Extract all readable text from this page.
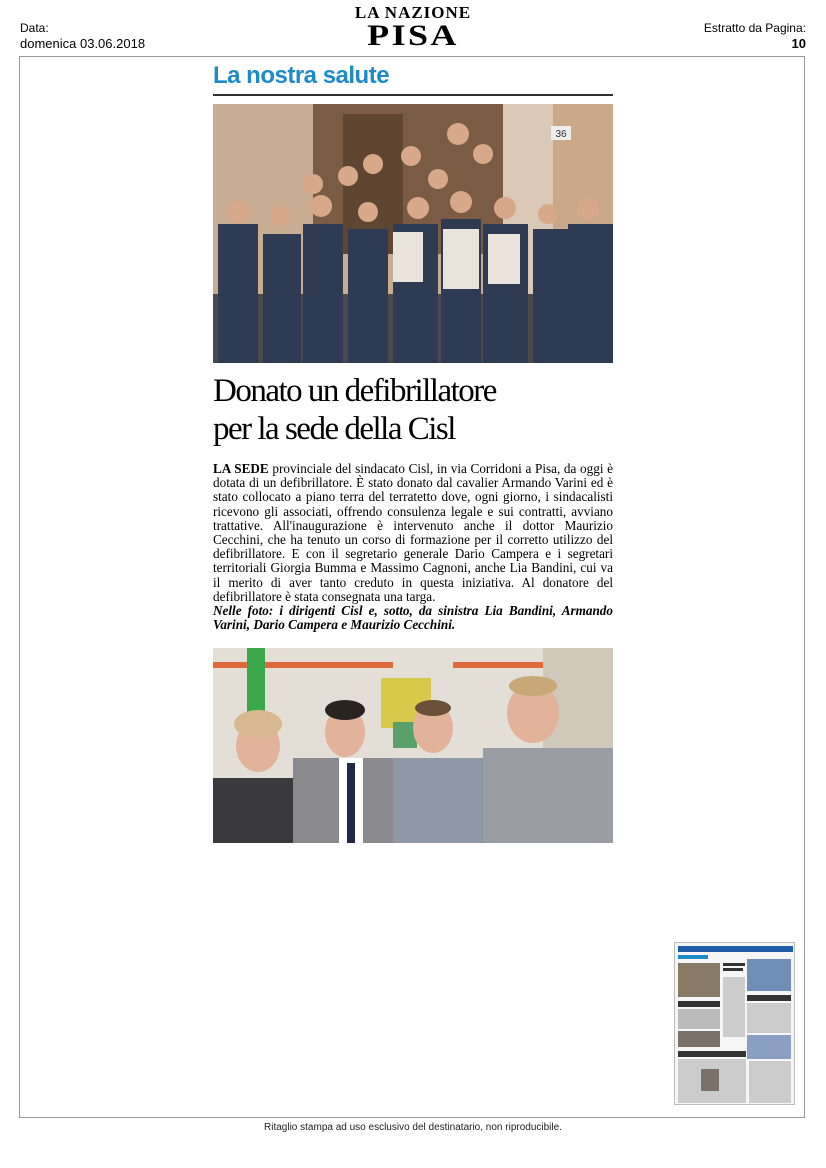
Data:
domenica 03.06.2018
LA NAZIONE
PISA	Estratto da Pagina:
10
La nostra salute
36
Donato un defibrillatore
per la sede della Cisl
LA SEDE provinciale del sindacato Cisl, in via Corridoni a Pisa, da oggi è dotata di un defibrillatore. È stato donato dal cavalier Armando Varini ed è stato collocato a piano terra del terratetto dove, ogni giorno, i sindacalisti ricevono gli associati, offrendo consulenza legale e sui contratti, avviano trattative. All'inaugurazione è intervenuto anche il dottor Maurizio Cecchini, che ha tenuto un corso di formazione per il corretto utilizzo del defibrillatore. E con il segretario generale Dario Campera e i segretari territoriali Giorgia Bumma e Massimo Cagnoni, anche Lia Bandini, cui va il merito di aver tanto creduto in questa iniziativa. Al donatore del defibrillatore è stata consegnata una targa.
Nelle foto: i dirigenti Cisl e, sotto, da sinistra Lia Bandini, Armando Varini, Dario Campera e Maurizio Cecchini.
Ritaglio stampa ad uso esclusivo del destinatario, non riproducibile.
